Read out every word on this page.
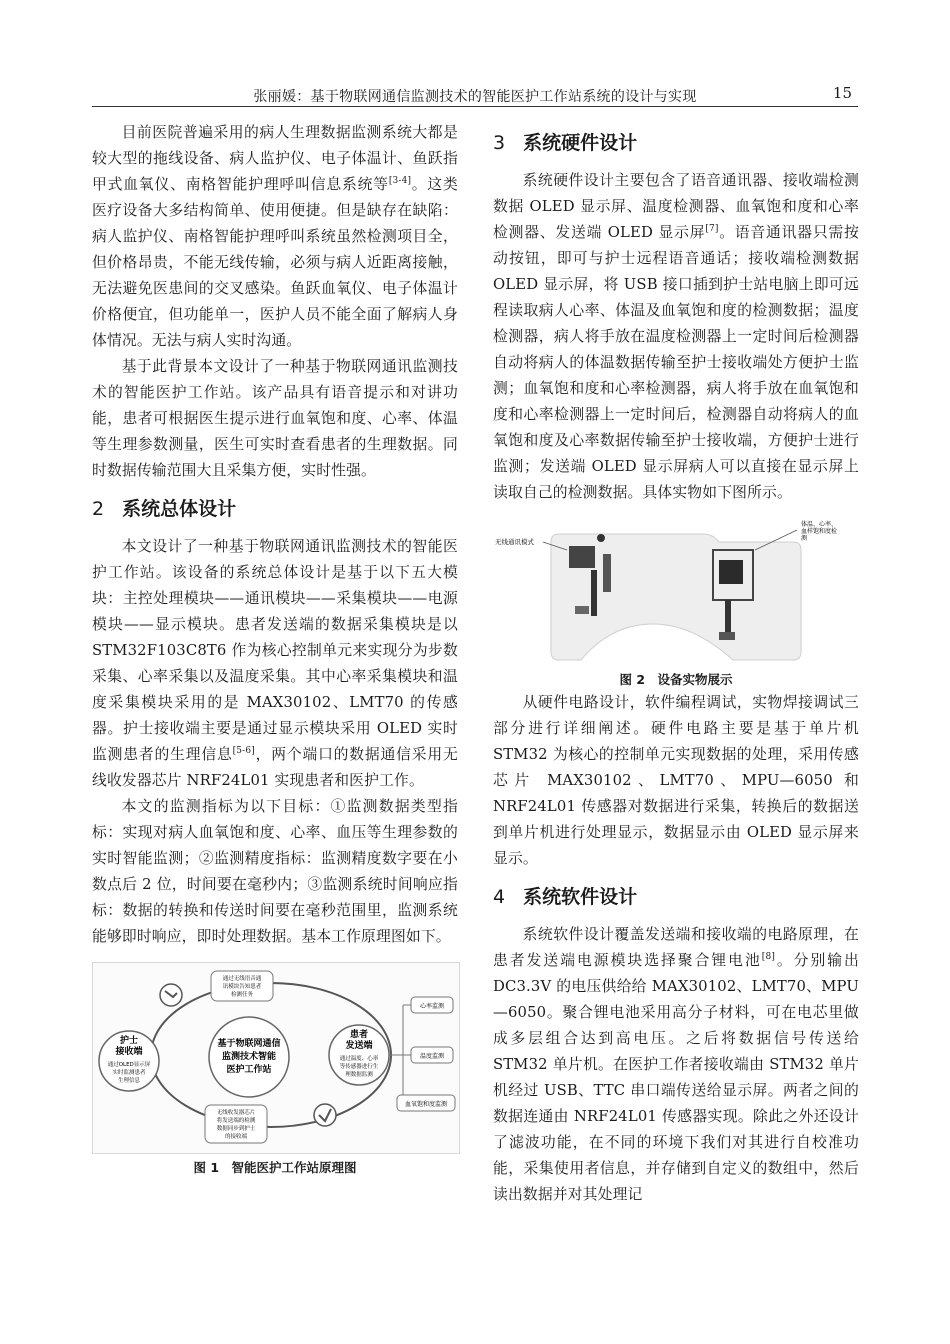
张丽媛：基于物联网通信监测技术的智能医护工作站系统的设计与实现	15

目前医院普遍采用的病人生理数据监测系统大都是较大型的拖线设备、病人监护仪、电子体温计、鱼跃指甲式血氧仪、南格智能护理呼叫信息系统等[3-4]。这类医疗设备大多结构简单、使用便捷。但是缺存在缺陷：病人监护仪、南格智能护理呼叫系统虽然检测项目全，但价格昂贵，不能无线传输，必须与病人近距离接触，无法避免医患间的交叉感染。鱼跃血氧仪、电子体温计价格便宜，但功能单一，医护人员不能全面了解病人身体情况。无法与病人实时沟通。

基于此背景本文设计了一种基于物联网通讯监测技术的智能医护工作站。该产品具有语音提示和对讲功能，患者可根据医生提示进行血氧饱和度、心率、体温等生理参数测量，医生可实时查看患者的生理数据。同时数据传输范围大且采集方便，实时性强。

2 系统总体设计

本文设计了一种基于物联网通讯监测技术的智能医护工作站。该设备的系统总体设计是基于以下五大模块：主控处理模块——通讯模块——采集模块——电源模块——显示模块。患者发送端的数据采集模块是以 STM32F103C8T6 作为核心控制单元来实现分为步数采集、心率采集以及温度采集。其中心率采集模块和温度采集模块采用的是 MAX30102、LMT70 的传感器。护士接收端主要是通过显示模块采用 OLED 实时监测患者的生理信息[5-6]，两个端口的数据通信采用无线收发器芯片 NRF24L01 实现患者和医护工作。

本文的监测指标为以下目标：①监测数据类型指标：实现对病人血氧饱和度、心率、血压等生理参数的实时智能监测；②监测精度指标：监测精度数字要在小数点后 2 位，时间要在毫秒内；③监测系统时间响应指标：数据的转换和传送时间要在毫秒范围里，监测系统能够即时响应，即时处理数据。基本工作原理图如下。

基于物联网通信
监测技术智能
医护工作站
护士
接收端
通过OLED显示屏
实时监测患者
生理信息
患者
发送端
通过温度、心率
等传感器进行生
理数据监测
通过无线语音通
讯模块告知患者
检测任务
无线收发器芯片
将发送端的检测
数据同步到护士
的接收端
心率监测
温度监测
血氧饱和度监测
图 1　智能医护工作站原理图
3 系统硬件设计

系统硬件设计主要包含了语音通讯器、接收端检测数据 OLED 显示屏、温度检测器、血氧饱和度和心率检测器、发送端 OLED 显示屏[7]。语音通讯器只需按动按钮，即可与护士远程语音通话；接收端检测数据 OLED 显示屏，将 USB 接口插到护士站电脑上即可远程读取病人心率、体温及血氧饱和度的检测数据；温度检测器，病人将手放在温度检测器上一定时间后检测器自动将病人的体温数据传输至护士接收端处方便护士监测；血氧饱和度和心率检测器，病人将手放在血氧饱和度和心率检测器上一定时间后，检测器自动将病人的血氧饱和度及心率数据传输至护士接收端，方便护士进行监测；发送端 OLED 显示屏病人可以直接在显示屏上读取自己的检测数据。具体实物如下图所示。

无线通讯模式
体温、心率、
血样饱和度检
测
图 2　设备实物展示

从硬件电路设计，软件编程调试，实物焊接调试三部分进行详细阐述。硬件电路主要是基于单片机 STM32 为核心的控制单元实现数据的处理，采用传感芯片 MAX30102、LMT70、MPU—6050 和 NRF24L01 传感器对数据进行采集，转换后的数据送到单片机进行处理显示，数据显示由 OLED 显示屏来显示。

4 系统软件设计

系统软件设计覆盖发送端和接收端的电路原理，在患者发送端电源模块选择聚合锂电池[8]。分别输出 DC3.3V 的电压供给给 MAX30102、LMT70、MPU—6050。聚合锂电池采用高分子材料，可在电芯里做成多层组合达到高电压。之后将数据信号传送给 STM32 单片机。在医护工作者接收端由 STM32 单片机经过 USB、TTC 串口端传送给显示屏。两者之间的数据连通由 NRF24L01 传感器实现。除此之外还设计了滤波功能，在不同的环境下我们对其进行自校准功能，采集使用者信息，并存储到自定义的数组中，然后读出数据并对其处理记
